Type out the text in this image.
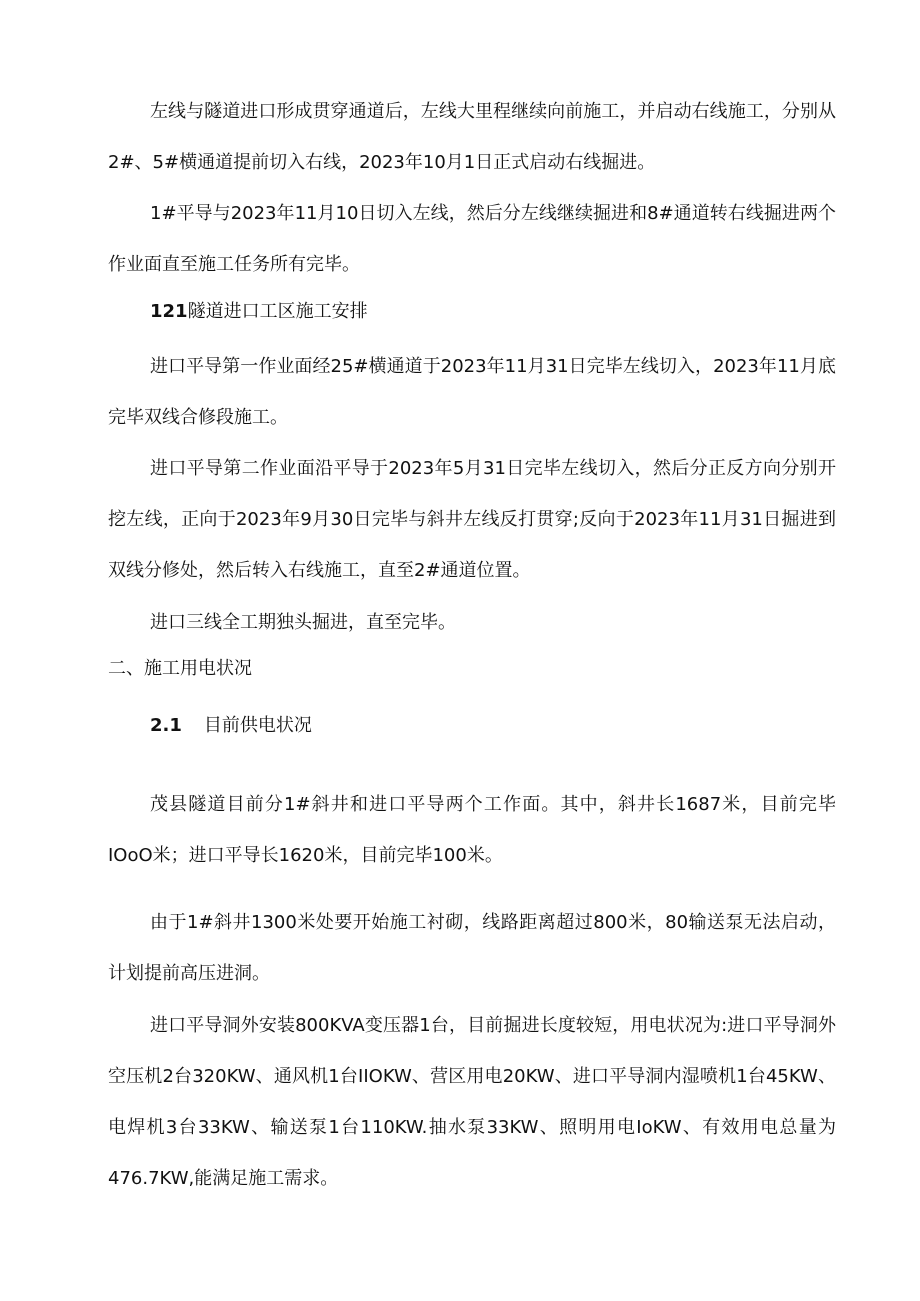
左线与隧道进口形成贯穿通道后，左线大里程继续向前施工，并启动右线施工，分别从2#、5#横通道提前切入右线，2023年10月1日正式启动右线掘进。

1#平导与2023年11月10日切入左线，然后分左线继续掘进和8#通道转右线掘进两个作业面直至施工任务所有完毕。

121隧道进口工区施工安排

进口平导第一作业面经25#横通道于2023年11月31日完毕左线切入，2023年11月底完毕双线合修段施工。

进口平导第二作业面沿平导于2023年5月31日完毕左线切入，然后分正反方向分别开挖左线，正向于2023年9月30日完毕与斜井左线反打贯穿;反向于2023年11月31日掘进到双线分修处，然后转入右线施工，直至2#通道位置。

进口三线全工期独头掘进，直至完毕。

二、施工用电状况
2.1 目前供电状况

茂县隧道目前分1#斜井和进口平导两个工作面。其中，斜井长1687米，目前完毕IOoO米；进口平导长1620米，目前完毕100米。

由于1#斜井1300米处要开始施工衬砌，线路距离超过800米，80输送泵无法启动，计划提前高压进洞。

进口平导洞外安装800KVA变压器1台，目前掘进长度较短，用电状况为:进口平导洞外空压机2台320KW、通风机1台IIOKW、营区用电20KW、进口平导洞内湿喷机1台45KW、电焊机3台33KW、输送泵1台110KW.抽水泵33KW、照明用电IoKW、有效用电总量为476.7KW,能满足施工需求。
